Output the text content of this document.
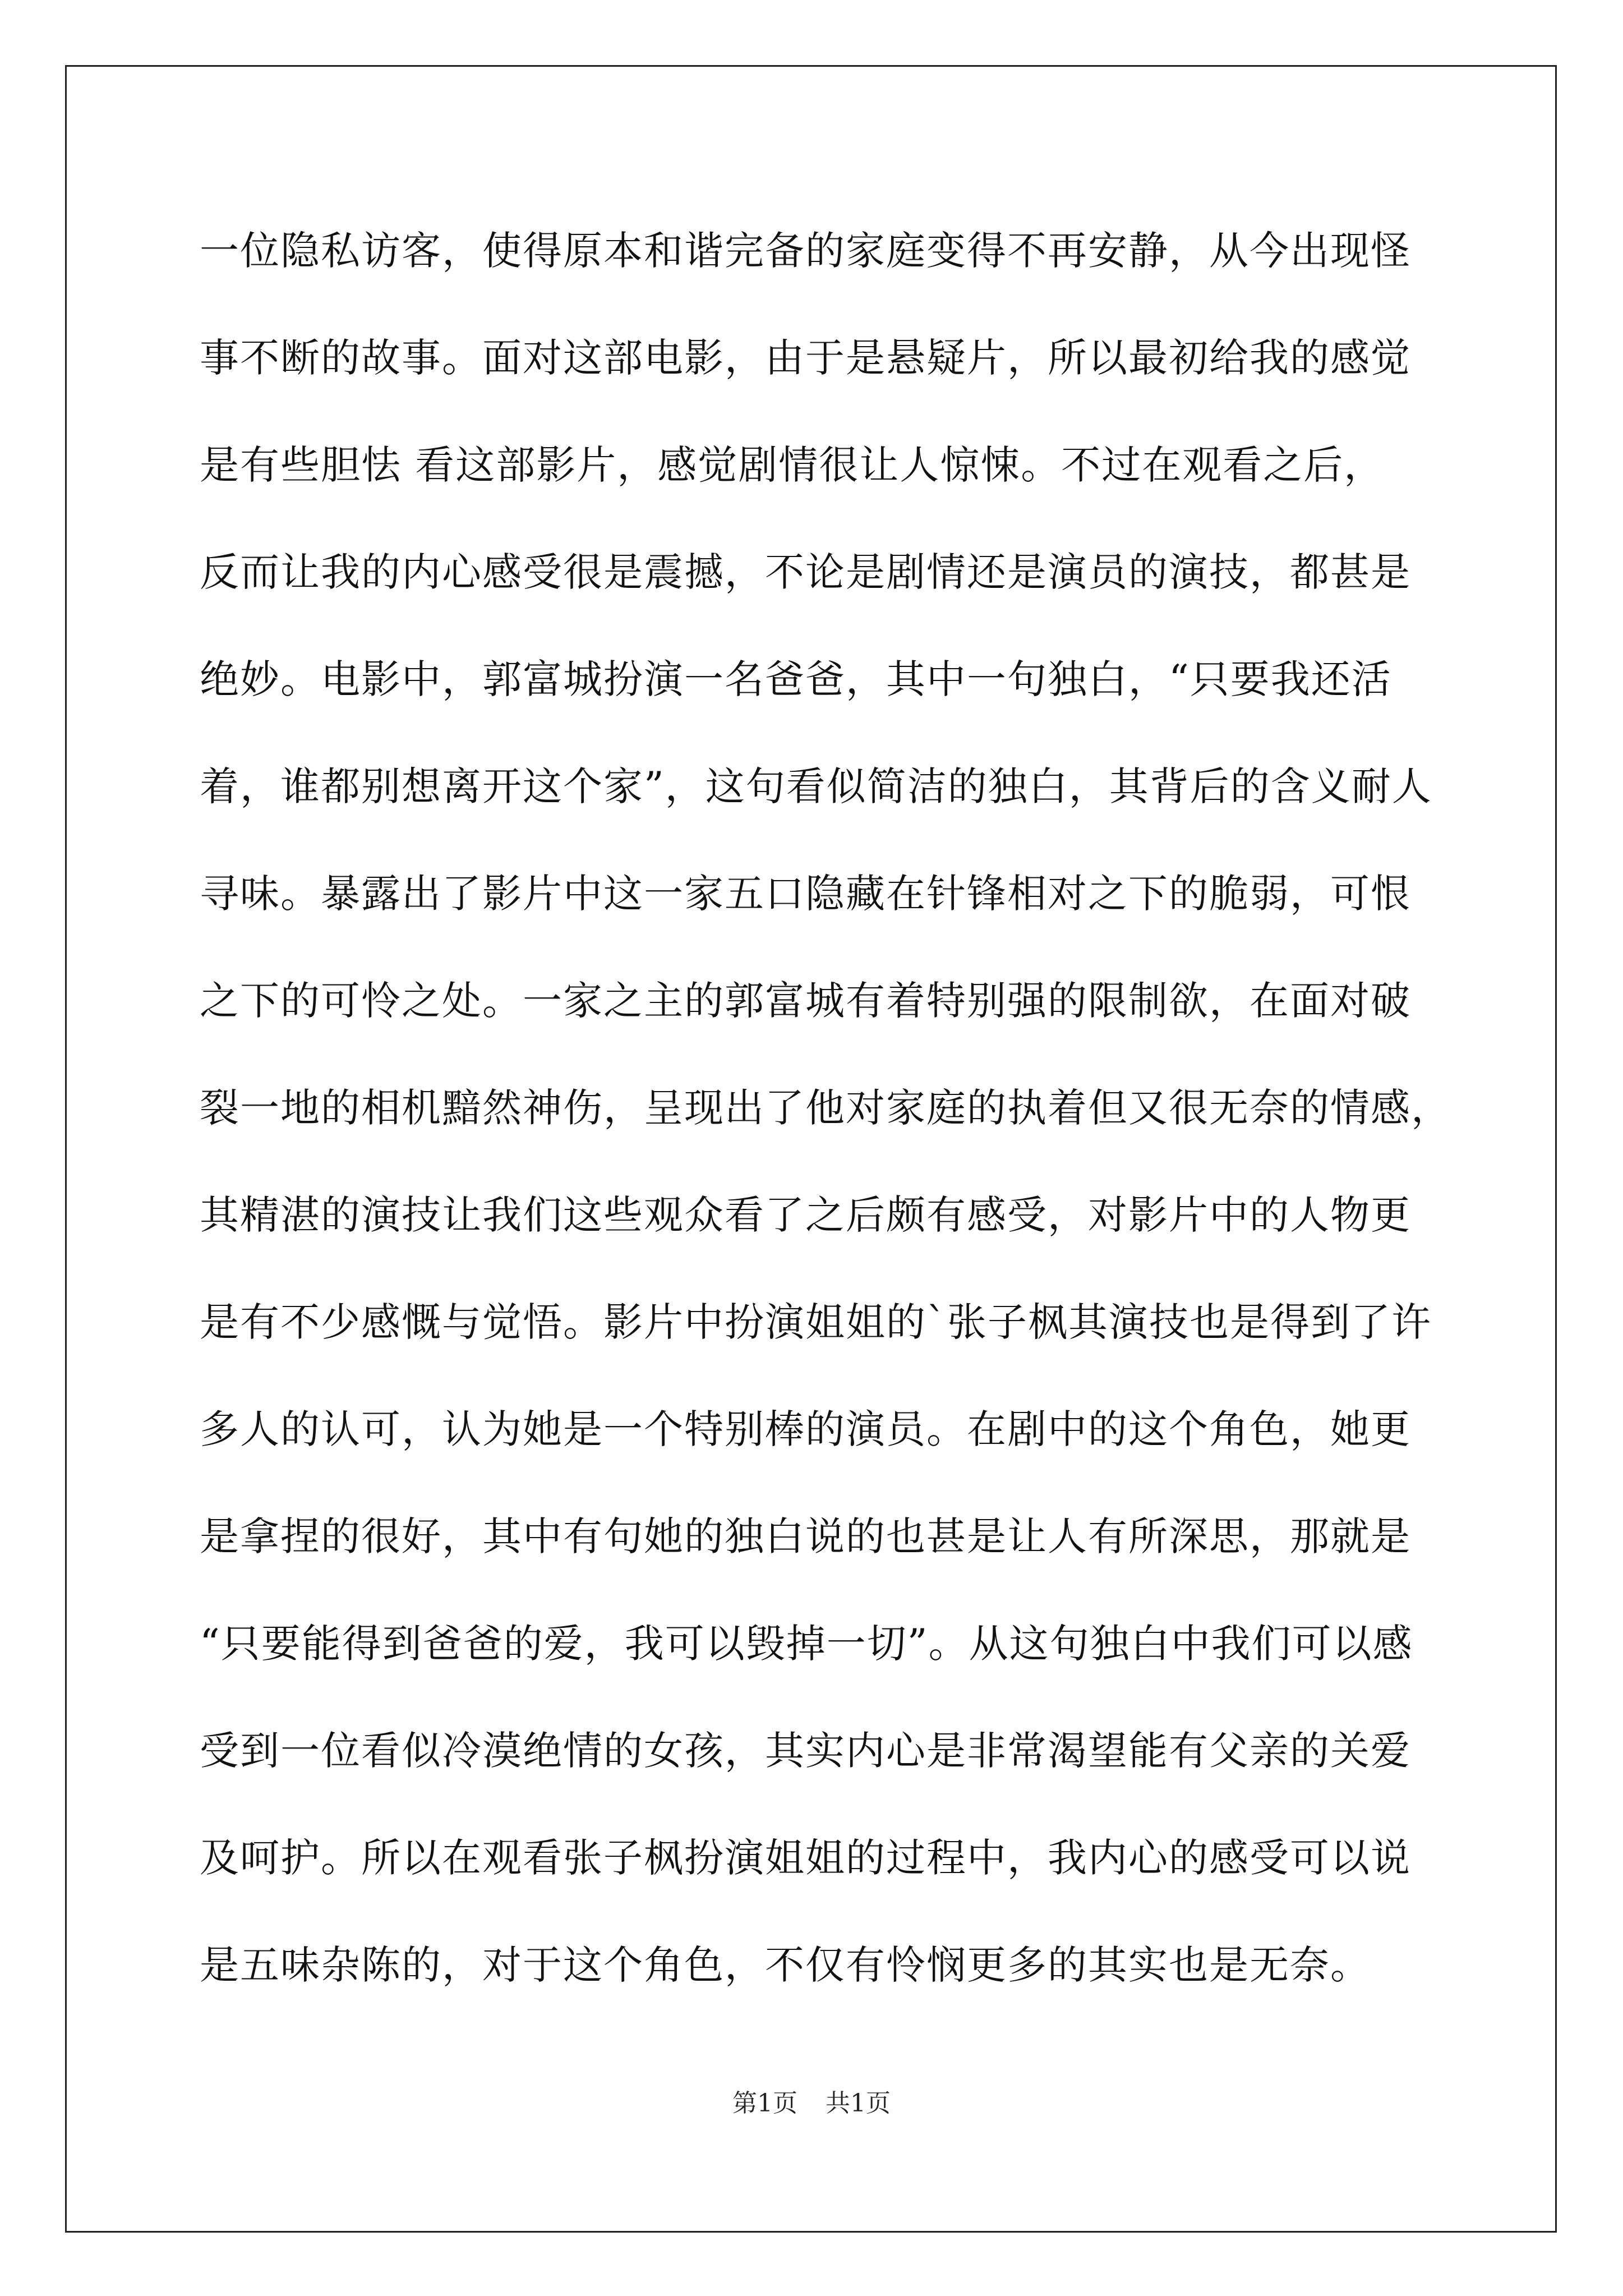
一位隐私访客，使得原本和谐完备的家庭变得不再安静，从今出现怪
事不断的故事。面对这部电影，由于是悬疑片，所以最初给我的感觉
是有些胆怯 看这部影片，感觉剧情很让人惊悚。不过在观看之后，
反而让我的内心感受很是震撼，不论是剧情还是演员的演技，都甚是
绝妙。电影中，郭富城扮演一名爸爸，其中一句独白，“只要我还活
着，谁都别想离开这个家”，这句看似简洁的独白，其背后的含义耐人
寻味。暴露出了影片中这一家五口隐藏在针锋相对之下的脆弱，可恨
之下的可怜之处。一家之主的郭富城有着特别强的限制欲，在面对破
裂一地的相机黯然神伤，呈现出了他对家庭的执着但又很无奈的情感，
其精湛的演技让我们这些观众看了之后颇有感受，对影片中的人物更
是有不少感慨与觉悟。影片中扮演姐姐的`张子枫其演技也是得到了许
多人的认可，认为她是一个特别棒的演员。在剧中的这个角色，她更
是拿捏的很好，其中有句她的独白说的也甚是让人有所深思，那就是
“只要能得到爸爸的爱，我可以毁掉一切”。从这句独白中我们可以感
受到一位看似冷漠绝情的女孩，其实内心是非常渴望能有父亲的关爱
及呵护。所以在观看张子枫扮演姐姐的过程中，我内心的感受可以说
是五味杂陈的，对于这个角色，不仅有怜悯更多的其实也是无奈。
第1页 共1页
